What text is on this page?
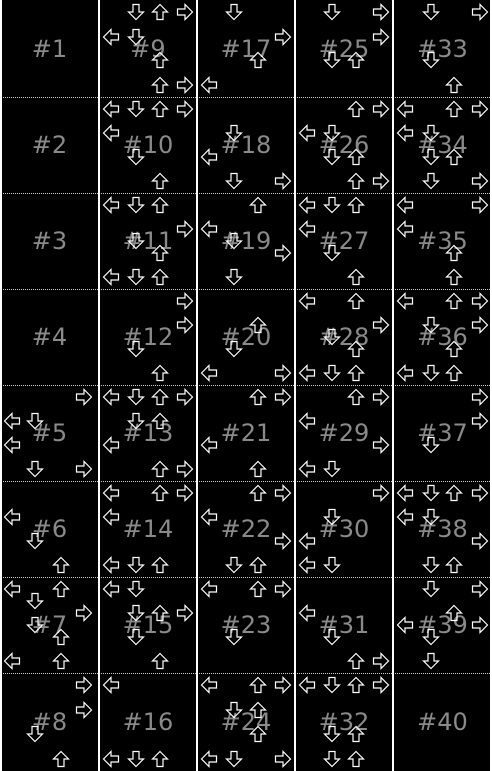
#1
#2
#3
#4
#5
#6
#7
#8
#9
#10
#11
#12
#13
#14
#15
#16
#17
#18
#19
#20
#21
#22
#23
#24
#25
#26
#27
#28
#29
#30
#31
#32
#33
#34
#35
#36
#37
#38
#39
#40
